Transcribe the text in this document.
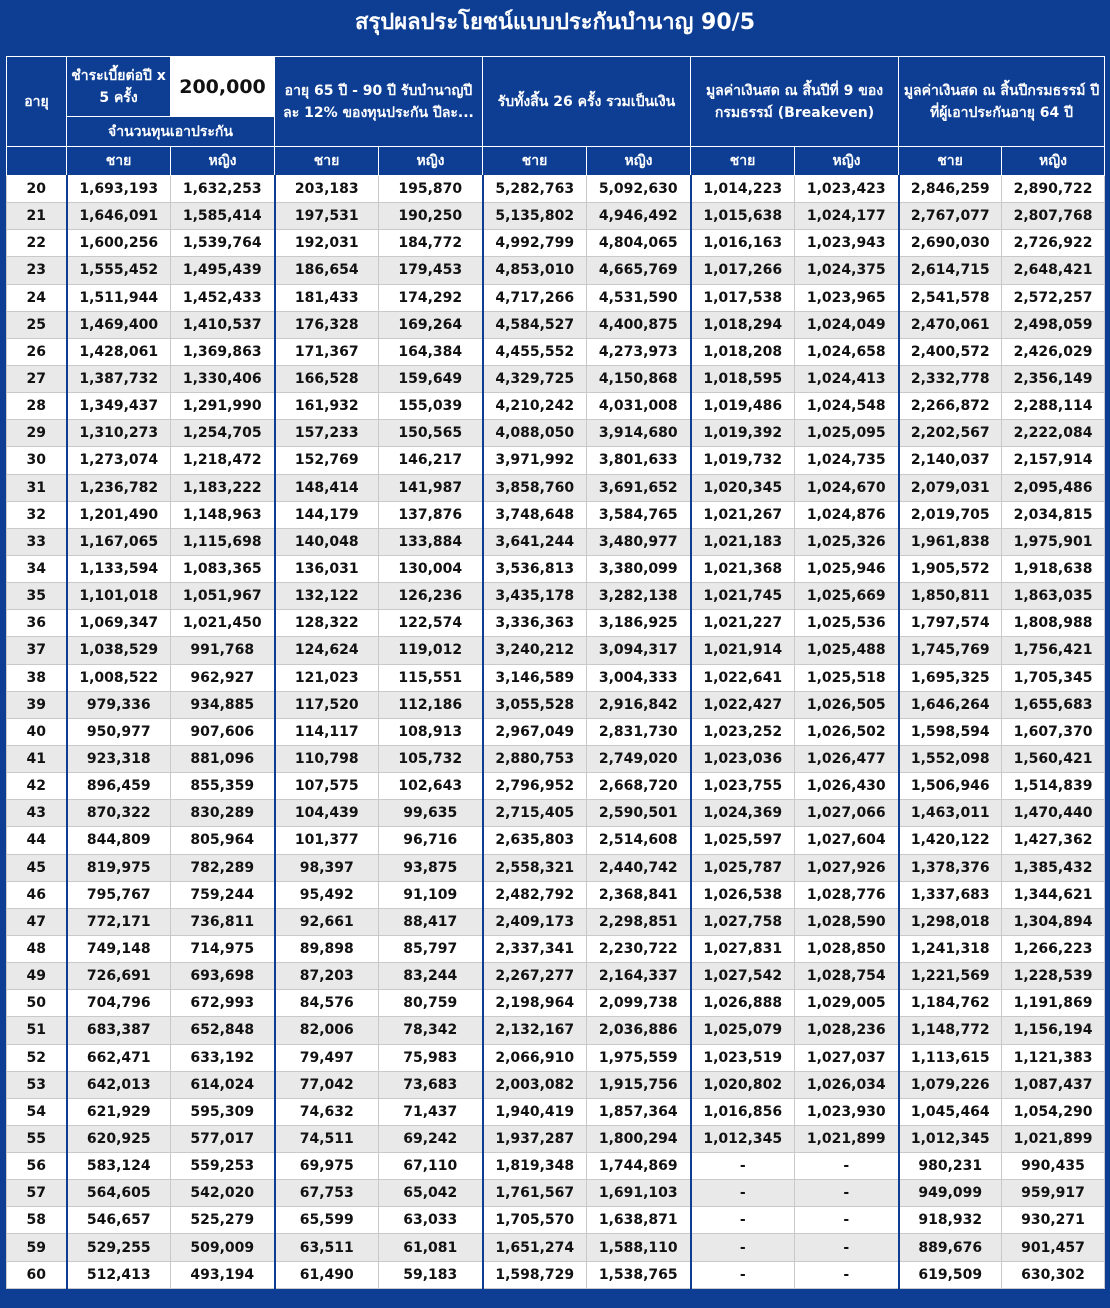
สรุปผลประโยชน์แบบประกันบำนาญ 90/5
อายุ	ชำระเบี้ยต่อปี x 5 ครั้ง	200,000	อายุ 65 ปี - 90 ปี รับบำนาญปีละ 12% ของทุนประกัน ปีละ...		รับทั้งสิ้น 26 ครั้ง รวมเป็นเงิน		มูลค่าเงินสด ณ สิ้นปีที่ 9 ของกรมธรรม์ (Breakeven)		มูลค่าเงินสด ณ สิ้นปีกรมธรรม์ ปีที่ผู้เอาประกันอายุ 64 ปี	
	จำนวนทุนเอาประกัน									
	ชาย	หญิง	ชาย	หญิง	ชาย	หญิง	ชาย	หญิง	ชาย	หญิง
20	1,693,193	1,632,253	203,183	195,870	5,282,763	5,092,630	1,014,223	1,023,423	2,846,259	2,890,722
21	1,646,091	1,585,414	197,531	190,250	5,135,802	4,946,492	1,015,638	1,024,177	2,767,077	2,807,768
22	1,600,256	1,539,764	192,031	184,772	4,992,799	4,804,065	1,016,163	1,023,943	2,690,030	2,726,922
23	1,555,452	1,495,439	186,654	179,453	4,853,010	4,665,769	1,017,266	1,024,375	2,614,715	2,648,421
24	1,511,944	1,452,433	181,433	174,292	4,717,266	4,531,590	1,017,538	1,023,965	2,541,578	2,572,257
25	1,469,400	1,410,537	176,328	169,264	4,584,527	4,400,875	1,018,294	1,024,049	2,470,061	2,498,059
26	1,428,061	1,369,863	171,367	164,384	4,455,552	4,273,973	1,018,208	1,024,658	2,400,572	2,426,029
27	1,387,732	1,330,406	166,528	159,649	4,329,725	4,150,868	1,018,595	1,024,413	2,332,778	2,356,149
28	1,349,437	1,291,990	161,932	155,039	4,210,242	4,031,008	1,019,486	1,024,548	2,266,872	2,288,114
29	1,310,273	1,254,705	157,233	150,565	4,088,050	3,914,680	1,019,392	1,025,095	2,202,567	2,222,084
30	1,273,074	1,218,472	152,769	146,217	3,971,992	3,801,633	1,019,732	1,024,735	2,140,037	2,157,914
31	1,236,782	1,183,222	148,414	141,987	3,858,760	3,691,652	1,020,345	1,024,670	2,079,031	2,095,486
32	1,201,490	1,148,963	144,179	137,876	3,748,648	3,584,765	1,021,267	1,024,876	2,019,705	2,034,815
33	1,167,065	1,115,698	140,048	133,884	3,641,244	3,480,977	1,021,183	1,025,326	1,961,838	1,975,901
34	1,133,594	1,083,365	136,031	130,004	3,536,813	3,380,099	1,021,368	1,025,946	1,905,572	1,918,638
35	1,101,018	1,051,967	132,122	126,236	3,435,178	3,282,138	1,021,745	1,025,669	1,850,811	1,863,035
36	1,069,347	1,021,450	128,322	122,574	3,336,363	3,186,925	1,021,227	1,025,536	1,797,574	1,808,988
37	1,038,529	991,768	124,624	119,012	3,240,212	3,094,317	1,021,914	1,025,488	1,745,769	1,756,421
38	1,008,522	962,927	121,023	115,551	3,146,589	3,004,333	1,022,641	1,025,518	1,695,325	1,705,345
39	979,336	934,885	117,520	112,186	3,055,528	2,916,842	1,022,427	1,026,505	1,646,264	1,655,683
40	950,977	907,606	114,117	108,913	2,967,049	2,831,730	1,023,252	1,026,502	1,598,594	1,607,370
41	923,318	881,096	110,798	105,732	2,880,753	2,749,020	1,023,036	1,026,477	1,552,098	1,560,421
42	896,459	855,359	107,575	102,643	2,796,952	2,668,720	1,023,755	1,026,430	1,506,946	1,514,839
43	870,322	830,289	104,439	99,635	2,715,405	2,590,501	1,024,369	1,027,066	1,463,011	1,470,440
44	844,809	805,964	101,377	96,716	2,635,803	2,514,608	1,025,597	1,027,604	1,420,122	1,427,362
45	819,975	782,289	98,397	93,875	2,558,321	2,440,742	1,025,787	1,027,926	1,378,376	1,385,432
46	795,767	759,244	95,492	91,109	2,482,792	2,368,841	1,026,538	1,028,776	1,337,683	1,344,621
47	772,171	736,811	92,661	88,417	2,409,173	2,298,851	1,027,758	1,028,590	1,298,018	1,304,894
48	749,148	714,975	89,898	85,797	2,337,341	2,230,722	1,027,831	1,028,850	1,241,318	1,266,223
49	726,691	693,698	87,203	83,244	2,267,277	2,164,337	1,027,542	1,028,754	1,221,569	1,228,539
50	704,796	672,993	84,576	80,759	2,198,964	2,099,738	1,026,888	1,029,005	1,184,762	1,191,869
51	683,387	652,848	82,006	78,342	2,132,167	2,036,886	1,025,079	1,028,236	1,148,772	1,156,194
52	662,471	633,192	79,497	75,983	2,066,910	1,975,559	1,023,519	1,027,037	1,113,615	1,121,383
53	642,013	614,024	77,042	73,683	2,003,082	1,915,756	1,020,802	1,026,034	1,079,226	1,087,437
54	621,929	595,309	74,632	71,437	1,940,419	1,857,364	1,016,856	1,023,930	1,045,464	1,054,290
55	620,925	577,017	74,511	69,242	1,937,287	1,800,294	1,012,345	1,021,899	1,012,345	1,021,899
56	583,124	559,253	69,975	67,110	1,819,348	1,744,869	-	-	980,231	990,435
57	564,605	542,020	67,753	65,042	1,761,567	1,691,103	-	-	949,099	959,917
58	546,657	525,279	65,599	63,033	1,705,570	1,638,871	-	-	918,932	930,271
59	529,255	509,009	63,511	61,081	1,651,274	1,588,110	-	-	889,676	901,457
60	512,413	493,194	61,490	59,183	1,598,729	1,538,765	-	-	619,509	630,302
